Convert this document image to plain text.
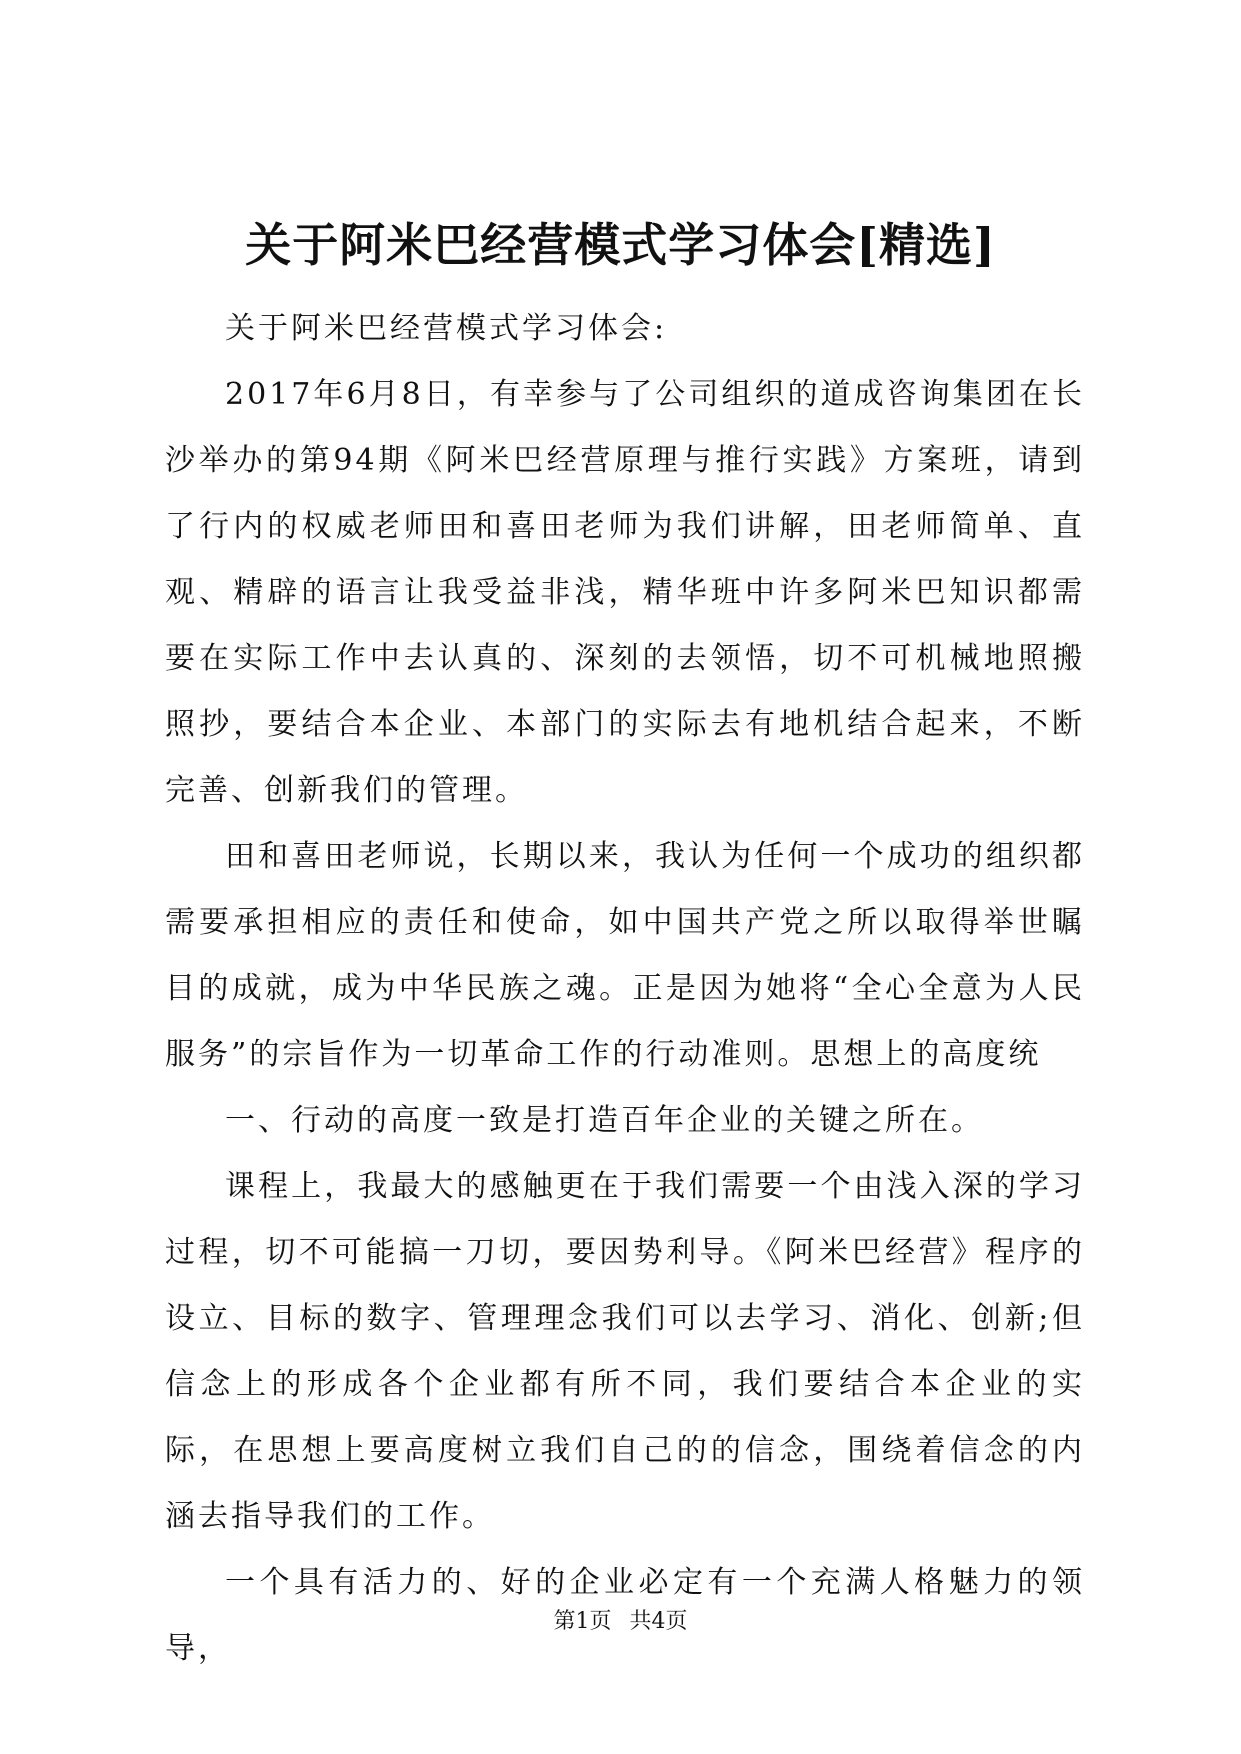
关于阿米巴经营模式学习体会[精选]

关于阿米巴经营模式学习体会:

2017年6月8日，有幸参与了公司组织的道成咨询集团在长沙举办的第94期《阿米巴经营原理与推行实践》方案班，请到了行内的权威老师田和喜田老师为我们讲解，田老师简单、直观、精辟的语言让我受益非浅，精华班中许多阿米巴知识都需要在实际工作中去认真的、深刻的去领悟，切不可机械地照搬照抄，要结合本企业、本部门的实际去有地机结合起来，不断完善、创新我们的管理。

田和喜田老师说，长期以来，我认为任何一个成功的组织都需要承担相应的责任和使命，如中国共产党之所以取得举世瞩目的成就，成为中华民族之魂。正是因为她将“全心全意为人民服务”的宗旨作为一切革命工作的行动准则。思想上的高度统

一、行动的高度一致是打造百年企业的关键之所在。

课程上，我最大的感触更在于我们需要一个由浅入深的学习过程，切不可能搞一刀切，要因势利导。《阿米巴经营》程序的设立、目标的数字、管理理念我们可以去学习、消化、创新;但信念上的形成各个企业都有所不同，我们要结合本企业的实际，在思想上要高度树立我们自己的的信念，围绕着信念的内涵去指导我们的工作。

一个具有活力的、好的企业必定有一个充满人格魅力的领导，

第1页 共4页
